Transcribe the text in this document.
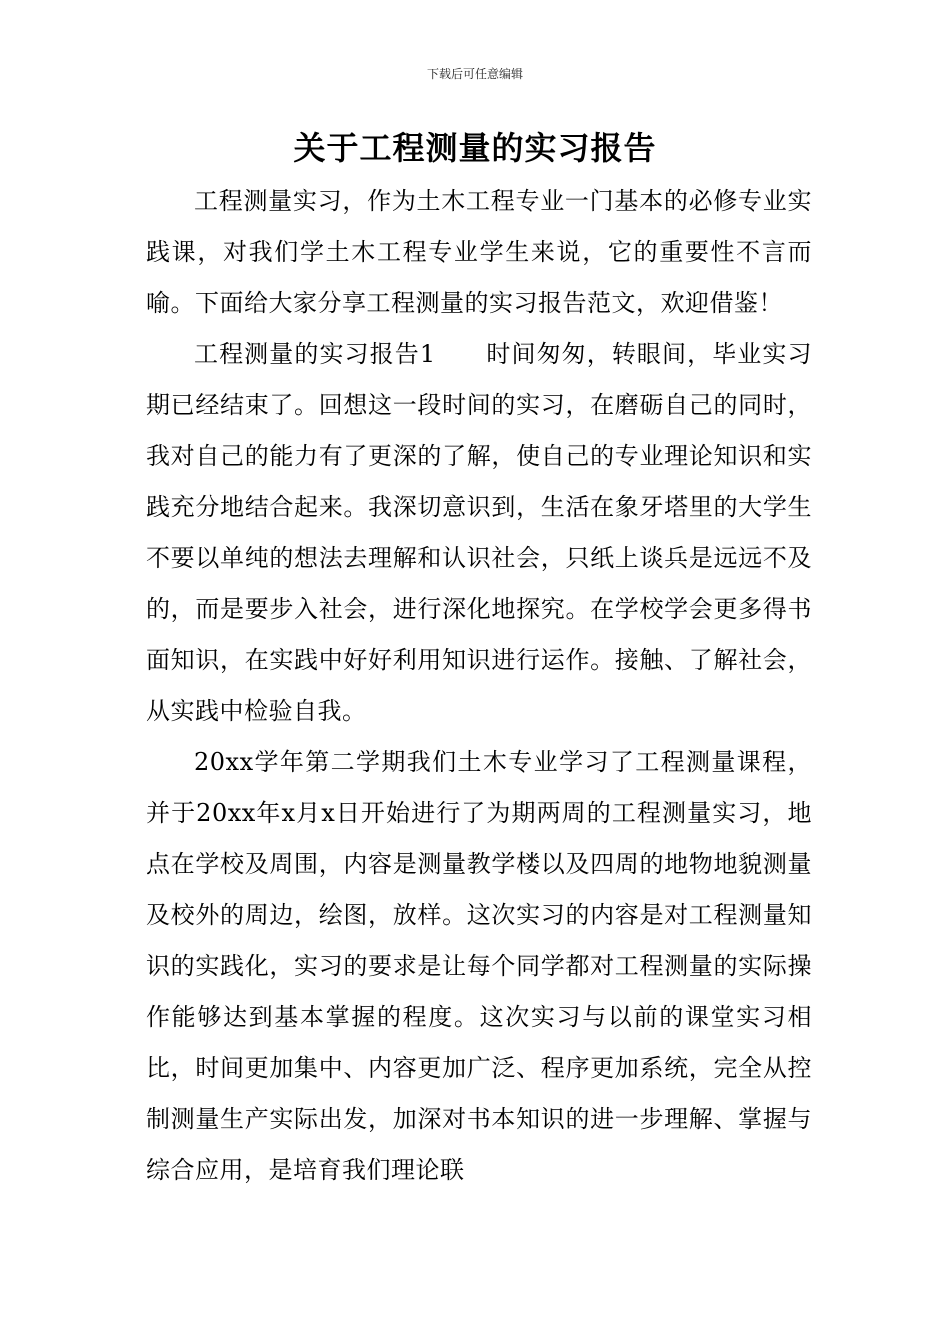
下载后可任意编辑
关于工程测量的实习报告

工程测量实习，作为土木工程专业一门基本的必修专业实践课，对我们学土木工程专业学生来说，它的重要性不言而喻。下面给大家分享工程测量的实习报告范文，欢迎借鉴！

工程测量的实习报告1　　时间匆匆，转眼间，毕业实习期已经结束了。回想这一段时间的实习，在磨砺自己的同时，我对自己的能力有了更深的了解，使自己的专业理论知识和实践充分地结合起来。我深切意识到，生活在象牙塔里的大学生不要以单纯的想法去理解和认识社会，只纸上谈兵是远远不及的，而是要步入社会，进行深化地探究。在学校学会更多得书面知识，在实践中好好利用知识进行运作。接触、了解社会，从实践中检验自我。

20xx学年第二学期我们土木专业学习了工程测量课程，并于20xx年x月x日开始进行了为期两周的工程测量实习，地点在学校及周围，内容是测量教学楼以及四周的地物地貌测量及校外的周边，绘图，放样。这次实习的内容是对工程测量知识的实践化，实习的要求是让每个同学都对工程测量的实际操作能够达到基本掌握的程度。这次实习与以前的课堂实习相比，时间更加集中、内容更加广泛、程序更加系统，完全从控制测量生产实际出发，加深对书本知识的进一步理解、掌握与综合应用，是培育我们理论联
